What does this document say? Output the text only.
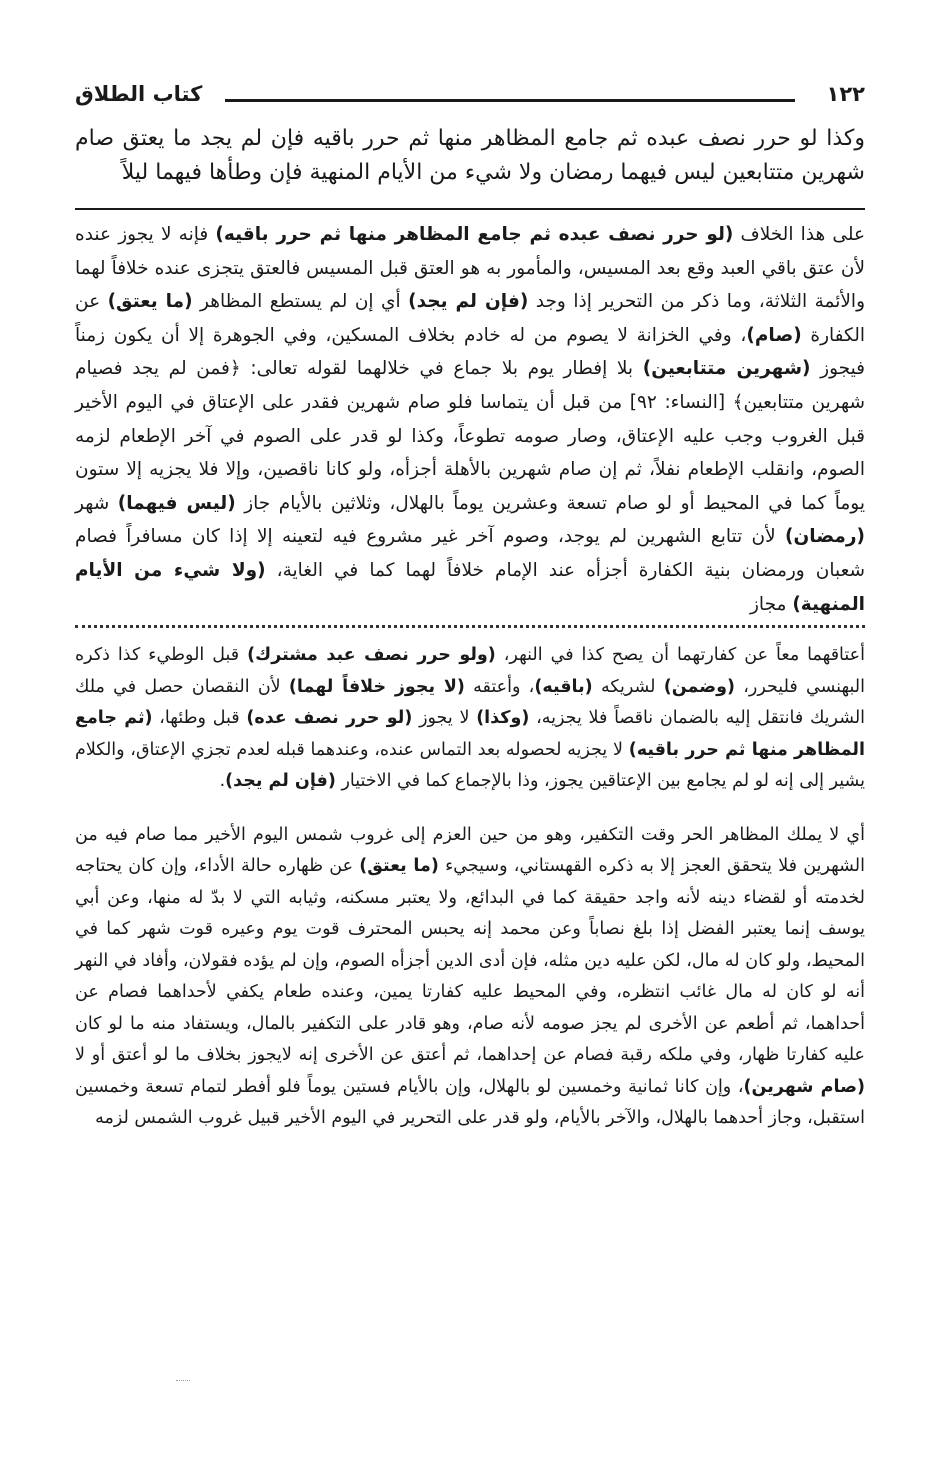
١٢٢
كتاب الطلاق
وكذا لو حرر نصف عبده ثم جامع المظاهر منها ثم حرر باقيه فإن لم يجد ما يعتق صام شهرين متتابعين ليس فيهما رمضان ولا شيء من الأيام المنهية فإن وطأها فيهما ليلاً

على هذا الخلاف (لو حرر نصف عبده ثم جامع المظاهر منها ثم حرر باقيه) فإنه لا يجوز عنده لأن عتق باقي العبد وقع بعد المسيس، والمأمور به هو العتق قبل المسيس فالعتق يتجزى عنده خلافاً لهما والأئمة الثلاثة، وما ذكر من التحرير إذا وجد (فإن لم يجد) أي إن لم يستطع المظاهر (ما يعتق) عن الكفارة (صام)، وفي الخزانة لا يصوم من له خادم بخلاف المسكين، وفي الجوهرة إلا أن يكون زمناً فيجوز (شهرين متتابعين) بلا إفطار يوم بلا جماع في خلالهما لقوله تعالى: ﴿فمن لم يجد فصيام شهرين متتابعين﴾ [النساء: ٩٢] من قبل أن يتماسا فلو صام شهرين فقدر على الإعتاق في اليوم الأخير قبل الغروب وجب عليه الإعتاق، وصار صومه تطوعاً، وكذا لو قدر على الصوم في آخر الإطعام لزمه الصوم، وانقلب الإطعام نفلاً، ثم إن صام شهرين بالأهلة أجزأه، ولو كانا ناقصين، وإلا فلا يجزيه إلا ستون يوماً كما في المحيط أو لو صام تسعة وعشرين يوماً بالهلال، وثلاثين بالأيام جاز (ليس فيهما) شهر (رمضان) لأن تتابع الشهرين لم يوجد، وصوم آخر غير مشروع فيه لتعينه إلا إذا كان مسافراً فصام شعبان ورمضان بنية الكفارة أجزأه عند الإمام خلافاً لهما كما في الغاية، (ولا شيء من الأيام المنهية) مجاز

أعتاقهما معاً عن كفارتهما أن يصح كذا في النهر، (ولو حرر نصف عبد مشترك) قبل الوطيء كذا ذكره البهنسي فليحرر، (وضمن) لشريكه (باقيه)، وأعتقه (لا يجوز خلافاً لهما) لأن النقصان حصل في ملك الشريك فانتقل إليه بالضمان ناقصاً فلا يجزيه، (وكذا) لا يجوز (لو حرر نصف عده) قبل وطئها، (ثم جامع المظاهر منها ثم حرر باقيه) لا يجزيه لحصوله بعد التماس عنده، وعندهما قبله لعدم تجزي الإعتاق، والكلام يشير إلى إنه لو لم يجامع بين الإعتاقين يجوز، وذا بالإجماع كما في الاختيار (فإن لم يجد).

أي لا يملك المظاهر الحر وقت التكفير، وهو من حين العزم إلى غروب شمس اليوم الأخير مما صام فيه من الشهرين فلا يتحقق العجز إلا به ذكره القهستاني، وسيجيء (ما يعتق) عن ظهاره حالة الأداء، وإن كان يحتاجه لخدمته أو لقضاء دينه لأنه واجد حقيقة كما في البدائع، ولا يعتبر مسكنه، وثيابه التي لا بدّ له منها، وعن أبي يوسف إنما يعتبر الفضل إذا بلغ نصاباً وعن محمد إنه يحبس المحترف قوت يوم وعيره قوت شهر كما في المحيط، ولو كان له مال، لكن عليه دين مثله، فإن أدى الدين أجزأه الصوم، وإن لم يؤده فقولان، وأفاد في النهر أنه لو كان له مال غائب انتظره، وفي المحيط عليه كفارتا يمين، وعنده طعام يكفي لأحداهما فصام عن أحداهما، ثم أطعم عن الأخرى لم يجز صومه لأنه صام، وهو قادر على التكفير بالمال، ويستفاد منه ما لو كان عليه كفارتا ظهار، وفي ملكه رقبة فصام عن إحداهما، ثم أعتق عن الأخرى إنه لايجوز بخلاف ما لو أعتق أو لا (صام شهرين)، وإن كانا ثمانية وخمسين لو بالهلال، وإن بالأيام فستين يوماً فلو أفطر لتمام تسعة وخمسين استقبل، وجاز أحدهما بالهلال، والآخر بالأيام، ولو قدر على التحرير في اليوم الأخير قبيل غروب الشمس لزمه
